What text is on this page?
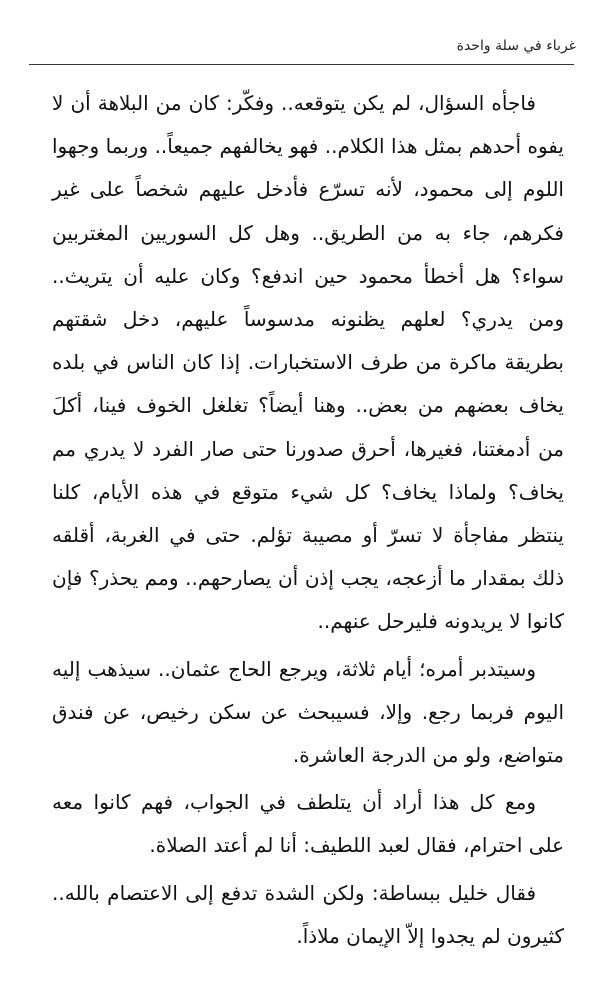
غرباء في سلة واحدة

فاجأه السؤال، لم يكن يتوقعه.. وفكّر: كان من البلاهة أن لا يفوه أحدهم بمثل هذا الكلام.. فهو يخالفهم جميعاً.. وربما وجهوا اللوم إلى محمود، لأنه تسرّع فأدخل عليهم شخصاً على غير فكرهم، جاء به من الطريق.. وهل كل السوريين المغتربين سواء؟ هل أخطأ محمود حين اندفع؟ وكان عليه أن يتريث.. ومن يدري؟ لعلهم يظنونه مدسوساً عليهم، دخل شقتهم بطريقة ماكرة من طرف الاستخبارات. إذا كان الناس في بلده يخاف بعضهم من بعض.. وهنا أيضاً؟ تغلغل الخوف فينا، أكلَ من أدمغتنا، فغيرها، أحرق صدورنا حتى صار الفرد لا يدري مم يخاف؟ ولماذا يخاف؟ كل شيء متوقع في هذه الأيام، كلنا ينتظر مفاجأة لا تسرّ أو مصيبة تؤلم. حتى في الغربة، أقلقه ذلك بمقدار ما أزعجه، يجب إذن أن يصارحهم.. ومم يحذر؟ فإن كانوا لا يريدونه فليرحل عنهم..

وسيتدبر أمره؛ أيام ثلاثة، ويرجع الحاج عثمان.. سيذهب إليه اليوم فربما رجع. وإلا، فسيبحث عن سكن رخيص، عن فندق متواضع، ولو من الدرجة العاشرة.

ومع كل هذا أراد أن يتلطف في الجواب، فهم كانوا معه على احترام، فقال لعبد اللطيف: أنا لم أعتد الصلاة.

فقال خليل ببساطة: ولكن الشدة تدفع إلى الاعتصام بالله.. كثيرون لم يجدوا إلاّ الإيمان ملاذاً.
